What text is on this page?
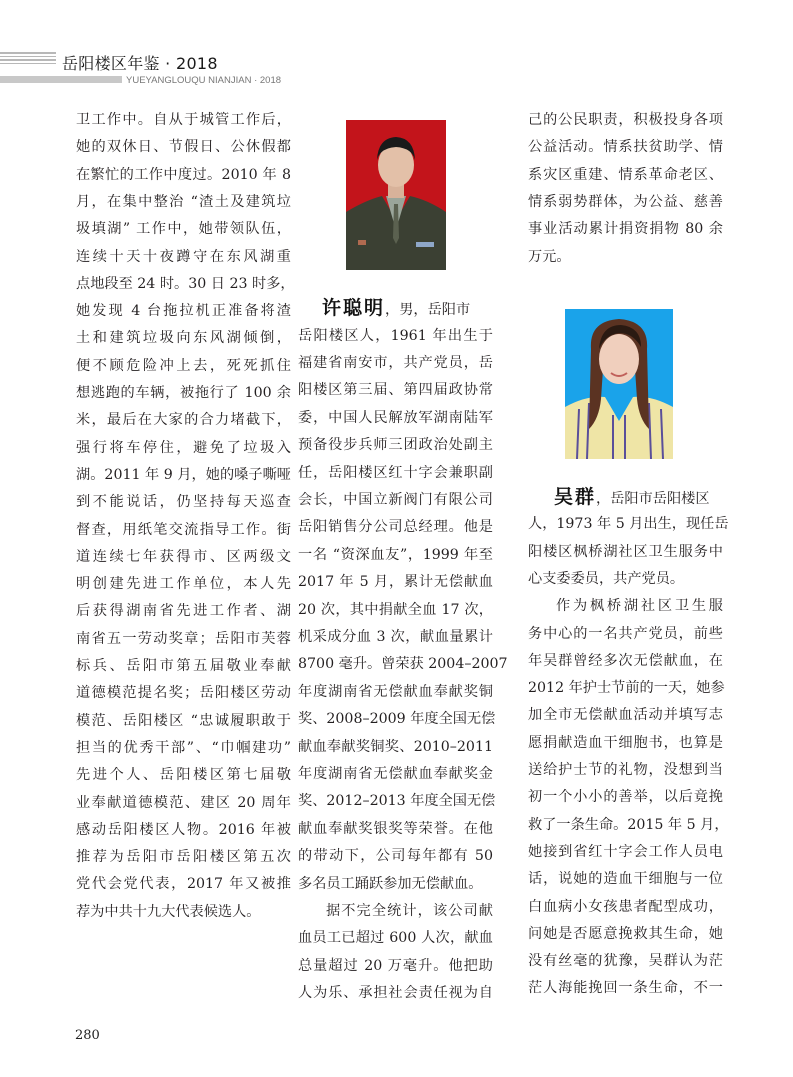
岳阳楼区年鉴 · 2018
YUEYANGLOUQU NIANJIAN · 2018
卫工作中。自从于城管工作后，
她的双休日、节假日、公休假都
在繁忙的工作中度过。2010 年 8
月，在集中整治 “渣土及建筑垃
圾填湖” 工作中，她带领队伍，
连续十天十夜蹲守在东风湖重
点地段至 24 时。30 日 23 时多，
她发现 4 台拖拉机正准备将渣
土和建筑垃圾向东风湖倾倒，
便不顾危险冲上去，死死抓住
想逃跑的车辆，被拖行了 100 余
米，最后在大家的合力堵截下，
强行将车停住，避免了垃圾入
湖。2011 年 9 月，她的嗓子嘶哑
到不能说话，仍坚持每天巡查
督查，用纸笔交流指导工作。街
道连续七年获得市、区两级文
明创建先进工作单位，本人先
后获得湖南省先进工作者、湖
南省五一劳动奖章；岳阳市芙蓉
标兵、岳阳市第五届敬业奉献
道德模范提名奖；岳阳楼区劳动
模范、岳阳楼区 “忠诚履职敢于
担当的优秀干部”、“巾帼建功”
先进个人、岳阳楼区第七届敬
业奉献道德模范、建区 20 周年
感动岳阳楼区人物。2016 年被
推荐为岳阳市岳阳楼区第五次
党代会党代表，2017 年又被推
荐为中共十九大代表候选人。
许聪明，男，岳阳市
岳阳楼区人，1961 年出生于
福建省南安市，共产党员，岳
阳楼区第三届、第四届政协常
委，中国人民解放军湖南陆军
预备役步兵师三团政治处副主
任，岳阳楼区红十字会兼职副
会长，中国立新阀门有限公司
岳阳销售分公司总经理。他是
一名 “资深血友”，1999 年至
2017 年 5 月，累计无偿献血
20 次，其中捐献全血 17 次，
机采成分血 3 次，献血量累计
8700 毫升。曾荣获 2004–2007
年度湖南省无偿献血奉献奖铜
奖、2008–2009 年度全国无偿
献血奉献奖铜奖、2010–2011
年度湖南省无偿献血奉献奖金
奖、2012–2013 年度全国无偿
献血奉献奖银奖等荣誉。在他
的带动下，公司每年都有 50
多名员工踊跃参加无偿献血。
据不完全统计，该公司献
血员工已超过 600 人次，献血
总量超过 20 万毫升。他把助
人为乐、承担社会责任视为自
己的公民职责，积极投身各项
公益活动。情系扶贫助学、情
系灾区重建、情系革命老区、
情系弱势群体，为公益、慈善
事业活动累计捐资捐物 80 余
万元。
吴群，岳阳市岳阳楼区
人，1973 年 5 月出生，现任岳
阳楼区枫桥湖社区卫生服务中
心支委委员，共产党员。
作为枫桥湖社区卫生服
务中心的一名共产党员，前些
年吴群曾经多次无偿献血，在
2012 年护士节前的一天，她参
加全市无偿献血活动并填写志
愿捐献造血干细胞书，也算是
送给护士节的礼物，没想到当
初一个小小的善举，以后竟挽
救了一条生命。2015 年 5 月，
她接到省红十字会工作人员电
话，说她的造血干细胞与一位
白血病小女孩患者配型成功，
问她是否愿意挽救其生命，她
没有丝毫的犹豫，吴群认为茫
茫人海能挽回一条生命，不一
280
